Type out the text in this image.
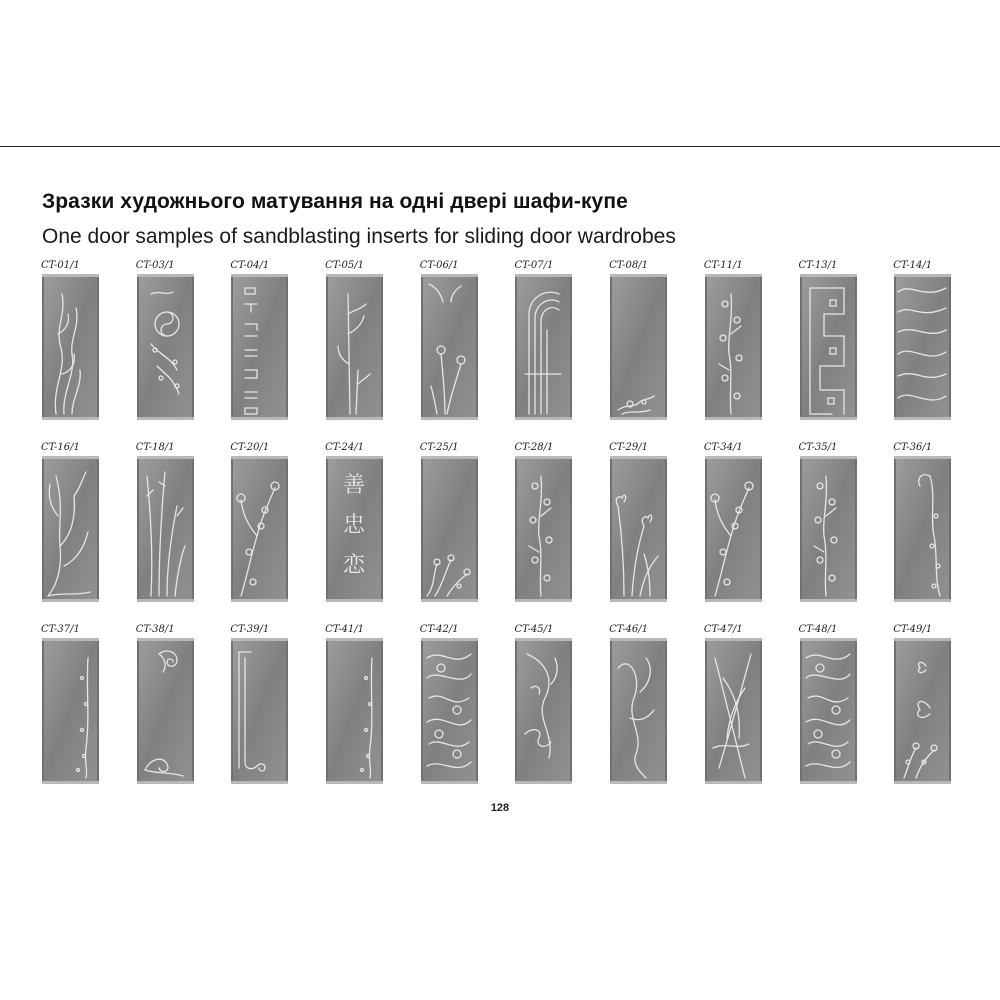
Зразки художнього матування на одні двері шафи-купе
One door samples of sandblasting inserts for sliding door wardrobes
CT-01/1	CT-03/1	CT-04/1	CT-05/1	CT-06/1	CT-07/1	CT-08/1	CT-11/1	CT-13/1	CT-14/1
CT-16/1	CT-18/1	CT-20/1	CT-24/1
善
忠
恋
CT-25/1	CT-28/1	CT-29/1	CT-34/1	CT-35/1	CT-36/1
CT-37/1	CT-38/1	CT-39/1	CT-41/1	CT-42/1	CT-45/1	CT-46/1	CT-47/1	CT-48/1	CT-49/1

128
